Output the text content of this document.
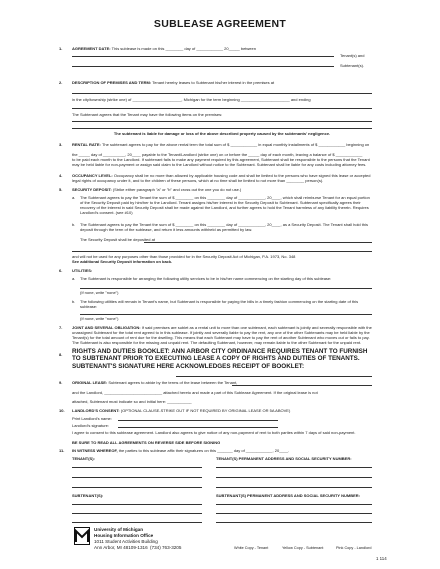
SUBLEASE AGREEMENT
1. AGREEMENT DATE: This sublease is made on this ________ day of ____________ 20_____ between
Tenant(s) and
Subtenant(s).
2. DESCRIPTION OF PREMISES AND TERM: Tenant hereby leases to Subtenant his/her interest in the premises at
in the city/township (strike one) of ______________________, Michigan for the term beginning ______________________ and ending
The Subtenant agrees that the Tenant may have the following items on the premises:
The subtenant is liable for damage or loss of the above described property caused by the subtenants' negligence.
3. RENTAL RATE: The subtenant agrees to pay for the above rental term the total sum of $ ____________ in equal monthly installments of $ ____________ beginning on
the _____ day of __________, 20____ payable to the Tenant/Landlord (strike one) on or before the _____ day of each month, leaving a balance of $ ____________
to be paid each month to the Landlord. If subtenant fails to make any payment required by this agreement, Subtenant shall be responsible to the persons that the Tenant may be held liable for non-payment or assign said claim to the Landlord without notice to the Subtenant. Subtenant shall be liable for any costs including attorney fees.
4. OCCUPANCY LEVEL: Occupancy shall be no more than allowed by applicable housing code and shall be limited to the persons who have signed this lease or accepted legal rights of occupancy under it, and to the children of these persons, which at no time shall be limited to not more than ________ person(s).
5. SECURITY DEPOSIT: (Strike either paragraph "a" or "b" and cross out the one you do not use.)
a. The Subtenant agrees to pay the Tenant the sum of $ ________ on this ________ day of ____________, 20____, which shall reimburse Tenant for an equal portion of the Security Deposit paid by him/her to the Landlord. Tenant assigns his/her interest in the Security Deposit to Subtenant. Subtenant specifically agrees their recovery of the interest in said Security Deposit shall be made against the Landlord, and further agrees to hold the Tenant harmless of any liability therein. Requires Landlord's consent. (see #10)
b. The Subtenant agrees to pay the Tenant the sum of $ ________ on this ________ day of ____________, 20____, as a Security Deposit. The Tenant shall hold this deposit through the term of the sublease, and return it less amounts withheld as permitted by law.
The Security Deposit shall be deposited at
and will not be used for any purposes other than those provided for in the Security Deposit Act of Michigan, P.A. 1973, No. 348
See additional Security Deposit information on back.
6. UTILITIES:
a. The Subtenant is responsible for arranging the following utility services to be in his/her name commencing on the starting day of this sublease:
(If none, write "none")
b. The following utilities will remain in Tenant's name, but Subtenant is responsible for paying the bills in a timely fashion commencing on the starting date of this sublease:
(If none, write "none")
7. JOINT AND SEVERAL OBLIGATION: If said premises are sublet as a rental unit to more than one subtenant, each subtenant is jointly and severally responsible with the unassigned Subtenant for the total rent agreed to in this sublease. If jointly and severally liable to pay the rent, any one of the other Subtenants may be held liable by the Tenant(s) for the total amount of rent due for the dwelling. This means that each Subtenant may have to pay the rent of another Subtenant who moves out or fails to pay. The Subtenant is also responsible for the missing and unpaid rent. The defaulting Subtenant, however, may remain liable to the other Subtenant for the unpaid rent.
8. RIGHTS AND DUTIES BOOKLET: ANN ARBOR CITY ORDINANCE REQUIRES TENANT TO FURNISH TO SUBTENANT PRIOR TO EXECUTING LEASE A COPY OF RIGHTS AND DUTIES OF TENANTS. SUBTENANT'S SIGNATURE HERE ACKNOWLEDGES RECEIPT OF BOOKLET:
9. ORIGINAL LEASE: Subtenant agrees to abide by the terms of the lease between the Tenant,
and the Landlord, __________________________ attached hereto and made a part of this Sublease Agreement. If the original lease is not
attached, Subtenant must indicate so and initial here: ___________
10. LANDLORD'S CONSENT: (OPTIONAL CLAUSE-STRIKE OUT IF NOT REQUIRED BY ORIGINAL LEASE OR 5A ABOVE)
Print Landlord's name:
Landlord's signature:
I agree to consent to this sublease agreement. Landlord also agrees to give notice of any non-payment of rent to both parties within 7 days of said non-payment.
BE SURE TO READ ALL AGREEMENTS ON REVERSE SIDE BEFORE SIGNING
11. IN WITNESS WHEREOF, the parties to this sublease affix their signatures on this _______ day of ____________, 20____.
TENANT(S):	TENANT(S) PERMANENT ADDRESS AND SOCIAL SECURITY NUMBER:
SUBTENANT(S):	SUBTENANT(S) PERMANENT ADDRESS AND SOCIAL SECURITY NUMBER:
University of Michigan
Housing Information Office
1011 Student Activities Building
Ann Arbor, MI 48109-1316 (734) 763-3205	White Copy - Tenant	Yellow Copy - Subtenant	Pink Copy - Landlord
1 114
